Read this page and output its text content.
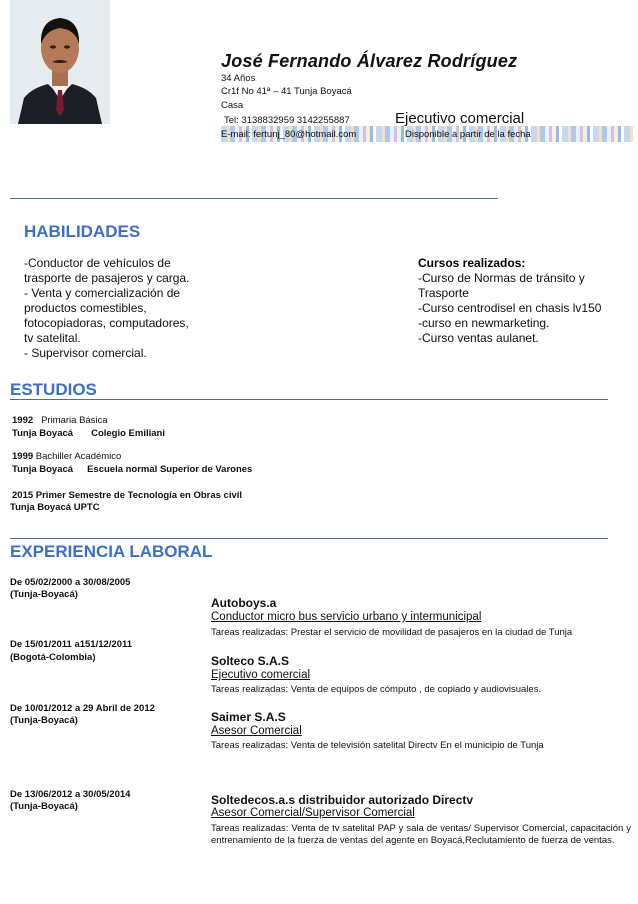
José Fernando Álvarez Rodríguez
34 Años
Cr1f No 41ª – 41 Tunja Boyacá
Casa
Tel: 3138832959 3142255887
E-mail: fertunj_80@hotmail.com
Ejecutivo comercial
Disponible a partir de la fecha
HABILIDADES
-Conductor de vehículos de
trasporte de pasajeros y carga.
- Venta y comercialización de
productos comestibles,
fotocopiadoras, computadores,
tv satelital.
- Supervisor comercial.
Cursos realizados:
-Curso de Normas de tránsito y
Trasporte
-Curso centrodisel en chasis lv150
-curso en newmarketing.
-Curso ventas aulanet.
ESTUDIOS
1992 Primaria Básica
Tunja Boyacá Colegio Emiliani
1999 Bachiller Académico
Tunja Boyacá Escuela normal Superior de Varones
2015 Primer Semestre de Tecnología en Obras civil
Tunja Boyacá UPTC
EXPERIENCIA LABORAL
De 05/02/2000 a 30/08/2005
(Tunja-Boyacá)
Autoboys.a
Conductor micro bus servicio urbano y intermunicipal
Tareas realizadas: Prestar el servicio de movilidad de pasajeros en la ciudad de Tunja
De 15/01/2011 a151/12/2011
(Bogotá-Colombia)	Solteco S.A.S
Ejecutivo comercial
Tareas realizadas: Venta de equipos de cómputo , de copiado y audiovisuales.
De 10/01/2012 a 29 Abril de 2012
(Tunja-Boyacá)	Saimer S.A.S
Asesor Comercial
Tareas realizadas: Venta de televisión satelital Directv En el municipio de Tunja
De 13/06/2012 a 30/05/2014
(Tunja-Boyacá)	Soltedecos.a.s distribuidor autorizado Directv
Asesor Comercial/Supervisor Comercial
Tareas realizadas: Venta de tv satelital PAP y sala de ventas/ Supervisor Comercial, capacitación y entrenamiento de la fuerza de ventas del agente en Boyacá,Reclutamiento de fuerza de ventas.
